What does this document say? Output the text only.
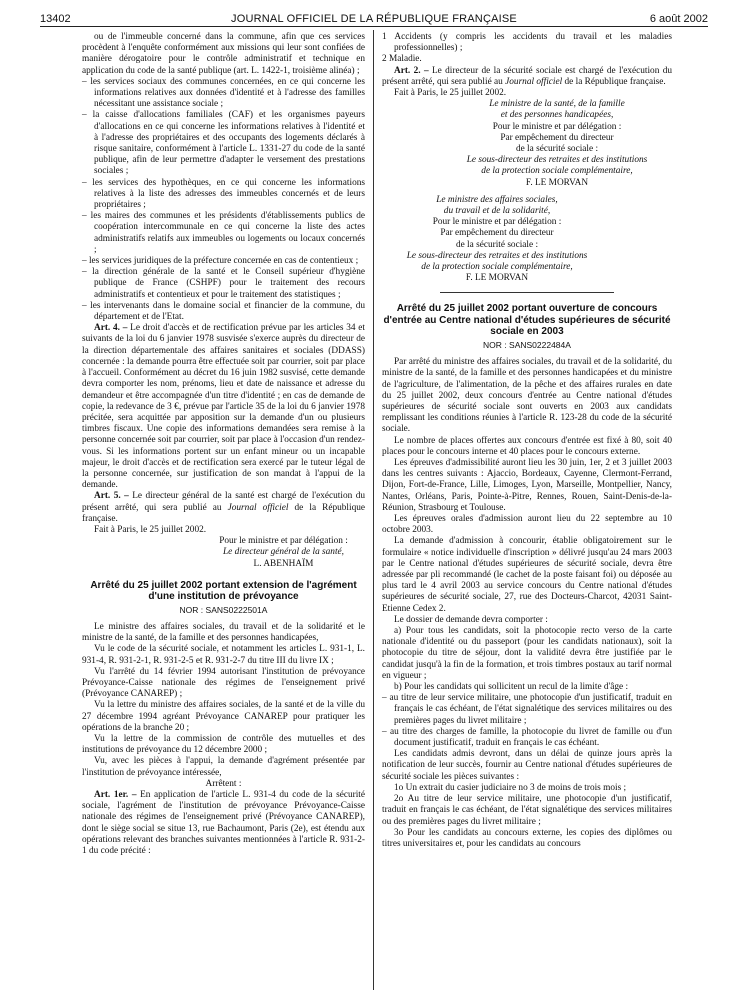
13402	JOURNAL OFFICIEL DE LA RÉPUBLIQUE FRANÇAISE	6 août 2002

ou de l'immeuble concerné dans la commune, afin que ces services procèdent à l'enquête conformément aux missions qui leur sont confiées de manière dérogatoire pour le contrôle administratif et technique en application du code de la santé publique (art. L. 1422-1, troisième alinéa) ;

– les services sociaux des communes concernées, en ce qui concerne les informations relatives aux données d'identité et à l'adresse des familles nécessitant une assistance sociale ;

– la caisse d'allocations familiales (CAF) et les organismes payeurs d'allocations en ce qui concerne les informations relatives à l'identité et à l'adresse des propriétaires et des occupants des logements déclarés à risque sanitaire, conformément à l'article L. 1331-27 du code de la santé publique, afin de leur permettre d'adapter le versement des prestations sociales ;

– les services des hypothèques, en ce qui concerne les informations relatives à la liste des adresses des immeubles concernés et de leurs propriétaires ;

– les maires des communes et les présidents d'établissements publics de coopération intercommunale en ce qui concerne la liste des actes administratifs relatifs aux immeubles ou logements ou locaux concernés ;

– les services juridiques de la préfecture concernée en cas de contentieux ;

– la direction générale de la santé et le Conseil supérieur d'hygiène publique de France (CSHPF) pour le traitement des recours administratifs et contentieux et pour le traitement des statistiques ;

– les intervenants dans le domaine social et financier de la commune, du département et de l'Etat.

Art. 4. – Le droit d'accès et de rectification prévue par les articles 34 et suivants de la loi du 6 janvier 1978 susvisée s'exerce auprès du directeur de la direction départementale des affaires sanitaires et sociales (DDASS) concernée : la demande pourra être effectuée soit par courrier, soit par place à l'accueil. Conformément au décret du 16 juin 1982 susvisé, cette demande devra comporter les nom, prénoms, lieu et date de naissance et adresse du demandeur et être accompagnée d'un titre d'identité ; en cas de demande de copie, la redevance de 3 €, prévue par l'article 35 de la loi du 6 janvier 1978 précitée, sera acquittée par apposition sur la demande d'un ou plusieurs timbres fiscaux. Une copie des informations demandées sera remise à la personne concernée soit par courrier, soit par place à l'occasion d'un rendez-vous. Si les informations portent sur un enfant mineur ou un incapable majeur, le droit d'accès et de rectification sera exercé par le tuteur légal de la personne concernée, sur justification de son mandat à l'appui de la demande.

Art. 5. – Le directeur général de la santé est chargé de l'exécution du présent arrêté, qui sera publié au Journal officiel de la République française.

Fait à Paris, le 25 juillet 2002.

Pour le ministre et par délégation :

Le directeur général de la santé,

L. ABENHAÏM

Arrêté du 25 juillet 2002 portant extension de l'agrément d'une institution de prévoyance
NOR : SANS0222501A

Le ministre des affaires sociales, du travail et de la solidarité et le ministre de la santé, de la famille et des personnes handicapées,

Vu le code de la sécurité sociale, et notamment les articles L. 931-1, L. 931-4, R. 931-2-1, R. 931-2-5 et R. 931-2-7 du titre III du livre IX ;

Vu l'arrêté du 14 février 1994 autorisant l'institution de prévoyance Prévoyance-Caisse nationale des régimes de l'enseignement privé (Prévoyance CANAREP) ;

Vu la lettre du ministre des affaires sociales, de la santé et de la ville du 27 décembre 1994 agréant Prévoyance CANAREP pour pratiquer les opérations de la branche 20 ;

Vu la lettre de la commission de contrôle des mutuelles et des institutions de prévoyance du 12 décembre 2000 ;

Vu, avec les pièces à l'appui, la demande d'agrément présentée par l'institution de prévoyance intéressée,

Arrêtent :

Art. 1er. – En application de l'article L. 931-4 du code de la sécurité sociale, l'agrément de l'institution de prévoyance Prévoyance-Caisse nationale des régimes de l'enseignement privé (Prévoyance CANAREP), dont le siège social se situe 13, rue Bachaumont, Paris (2e), est étendu aux opérations relevant des branches suivantes mentionnées à l'article R. 931-2-1 du code précité :

1 Accidents (y compris les accidents du travail et les maladies professionnelles) ;

2 Maladie.

Art. 2. – Le directeur de la sécurité sociale est chargé de l'exécution du présent arrêté, qui sera publié au Journal officiel de la République française.

Fait à Paris, le 25 juillet 2002.

Le ministre de la santé, de la famille

et des personnes handicapées,

Pour le ministre et par délégation :

Par empêchement du directeur

de la sécurité sociale :

Le sous-directeur des retraites et des institutions

de la protection sociale complémentaire,

F. LE MORVAN

Le ministre des affaires sociales,

du travail et de la solidarité,

Pour le ministre et par délégation :

Par empêchement du directeur

de la sécurité sociale :

Le sous-directeur des retraites et des institutions

de la protection sociale complémentaire,

F. LE MORVAN

Arrêté du 25 juillet 2002 portant ouverture de concours d'entrée au Centre national d'études supérieures de sécurité sociale en 2003
NOR : SANS0222484A

Par arrêté du ministre des affaires sociales, du travail et de la solidarité, du ministre de la santé, de la famille et des personnes handicapées et du ministre de l'agriculture, de l'alimentation, de la pêche et des affaires rurales en date du 25 juillet 2002, deux concours d'entrée au Centre national d'études supérieures de sécurité sociale sont ouverts en 2003 aux candidats remplissant les conditions réunies à l'article R. 123-28 du code de la sécurité sociale.

Le nombre de places offertes aux concours d'entrée est fixé à 80, soit 40 places pour le concours interne et 40 places pour le concours externe.

Les épreuves d'admissibilité auront lieu les 30 juin, 1er, 2 et 3 juillet 2003 dans les centres suivants : Ajaccio, Bordeaux, Cayenne, Clermont-Ferrand, Dijon, Fort-de-France, Lille, Limoges, Lyon, Marseille, Montpellier, Nancy, Nantes, Orléans, Paris, Pointe-à-Pitre, Rennes, Rouen, Saint-Denis-de-la-Réunion, Strasbourg et Toulouse.

Les épreuves orales d'admission auront lieu du 22 septembre au 10 octobre 2003.

La demande d'admission à concourir, établie obligatoirement sur le formulaire « notice individuelle d'inscription » délivré jusqu'au 24 mars 2003 par le Centre national d'études supérieures de sécurité sociale, devra être adressée par pli recommandé (le cachet de la poste faisant foi) ou déposée au plus tard le 4 avril 2003 au service concours du Centre national d'études supérieures de sécurité sociale, 27, rue des Docteurs-Charcot, 42031 Saint-Etienne Cedex 2.

Le dossier de demande devra comporter :

a) Pour tous les candidats, soit la photocopie recto verso de la carte nationale d'identité ou du passeport (pour les candidats nationaux), soit la photocopie du titre de séjour, dont la validité devra être justifiée par le candidat jusqu'à la fin de la formation, et trois timbres postaux au tarif normal en vigueur ;

b) Pour les candidats qui sollicitent un recul de la limite d'âge :

– au titre de leur service militaire, une photocopie d'un justificatif, traduit en français le cas échéant, de l'état signalétique des services militaires ou des premières pages du livret militaire ;

– au titre des charges de famille, la photocopie du livret de famille ou d'un document justificatif, traduit en français le cas échéant.

Les candidats admis devront, dans un délai de quinze jours après la notification de leur succès, fournir au Centre national d'études supérieures de sécurité sociale les pièces suivantes :

1o Un extrait du casier judiciaire no 3 de moins de trois mois ;

2o Au titre de leur service militaire, une photocopie d'un justificatif, traduit en français le cas échéant, de l'état signalétique des services militaires ou des premières pages du livret militaire ;

3o Pour les candidats au concours externe, les copies des diplômes ou titres universitaires et, pour les candidats au concours
